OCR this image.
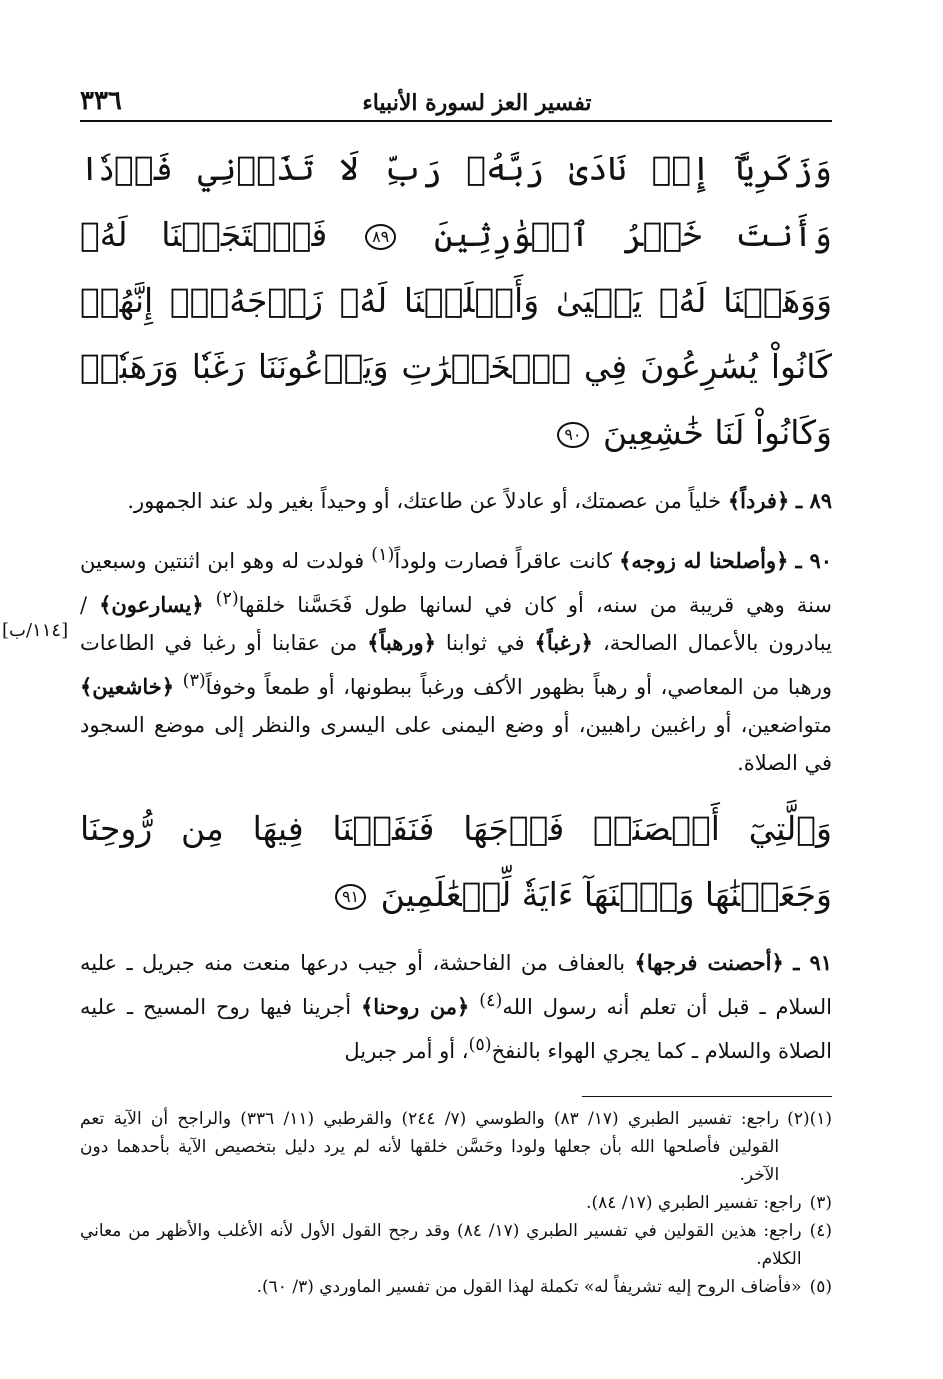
تفسير العز لسورة الأنبياء
٣٣٦
وَزَكَرِيَّآ إِذۡ نَادَىٰ رَبَّهُۥ رَبِّ لَا تَذَرۡنِي فَرۡدٗا وَأَنتَ خَيۡرُ ٱلۡوَٰرِثِينَ ٨٩ فَٱسۡتَجَبۡنَا لَهُۥ وَوَهَبۡنَا لَهُۥ يَحۡيَىٰ وَأَصۡلَحۡنَا لَهُۥ زَوۡجَهُۥٓۚ إِنَّهُمۡ كَانُواْ يُسَٰرِعُونَ فِي ٱلۡخَيۡرَٰتِ وَيَدۡعُونَنَا رَغَبٗا وَرَهَبٗاۖ وَكَانُواْ لَنَا خَٰشِعِينَ ٩٠
٨٩ ـ ﴿فرداً﴾ خلياً من عصمتك، أو عادلاً عن طاعتك، أو وحيداً بغير ولد عند الجمهور.
٩٠ ـ ﴿وأصلحنا له زوجه﴾ كانت عاقراً فصارت ولوداً$^{(١)}$ فولدت له وهو ابن اثنتين وسبعين سنة وهي قريبة من سنه، أو كان في لسانها طول فَحَسَّنا خلقها$^{(٢)}$ ﴿يسارعون﴾ / يبادرون بالأعمال الصالحة، ﴿رغباً﴾ في ثوابنا ﴿ورهباً﴾ من عقابنا أو رغبا في الطاعات ورهبا من المعاصي، أو رهباً بظهور الأكف ورغباً ببطونها، أو طمعاً وخوفاً$^{(٣)}$ ﴿خاشعين﴾ متواضعين، أو راغبين راهبين، أو وضع اليمنى على اليسرى والنظر إلى موضع السجود في الصلاة.
[١١٤/ب]
وَٱلَّتِيٓ أَحۡصَنَتۡ فَرۡجَهَا فَنَفَخۡنَا فِيهَا مِن رُّوحِنَا وَجَعَلۡنَٰهَا وَٱبۡنَهَآ ءَايَةٗ لِّلۡعَٰلَمِينَ ٩١
٩١ ـ ﴿أحصنت فرجها﴾ بالعفاف من الفاحشة، أو جيب درعها منعت منه جبريل ـ عليه السلام ـ قبل أن تعلم أنه رسول الله$^{(٤)}$ ﴿من روحنا﴾ أجرينا فيها روح المسيح ـ عليه الصلاة والسلام ـ كما يجري الهواء بالنفخ$^{(٥)}$، أو أمر جبريل
(١)(٢)
راجع: تفسير الطبري (١٧/ ٨٣) والطوسي (٧/ ٢٤٤) والقرطبي (١١/ ٣٣٦) والراجح أن الآية تعم القولين فأصلحها الله بأن جعلها ولودا وحَسَّن خلقها لأنه لم يرد دليل بتخصيص الآية بأحدهما دون الآخر.
(٣)
راجع: تفسير الطبري (١٧/ ٨٤).
(٤)
راجع: هذين القولين في تفسير الطبري (١٧/ ٨٤) وقد رجح القول الأول لأنه الأغلب والأظهر من معاني الكلام.
(٥)
«فأضاف الروح إليه تشريفاً له» تكملة لهذا القول من تفسير الماوردي (٣/ ٦٠).
